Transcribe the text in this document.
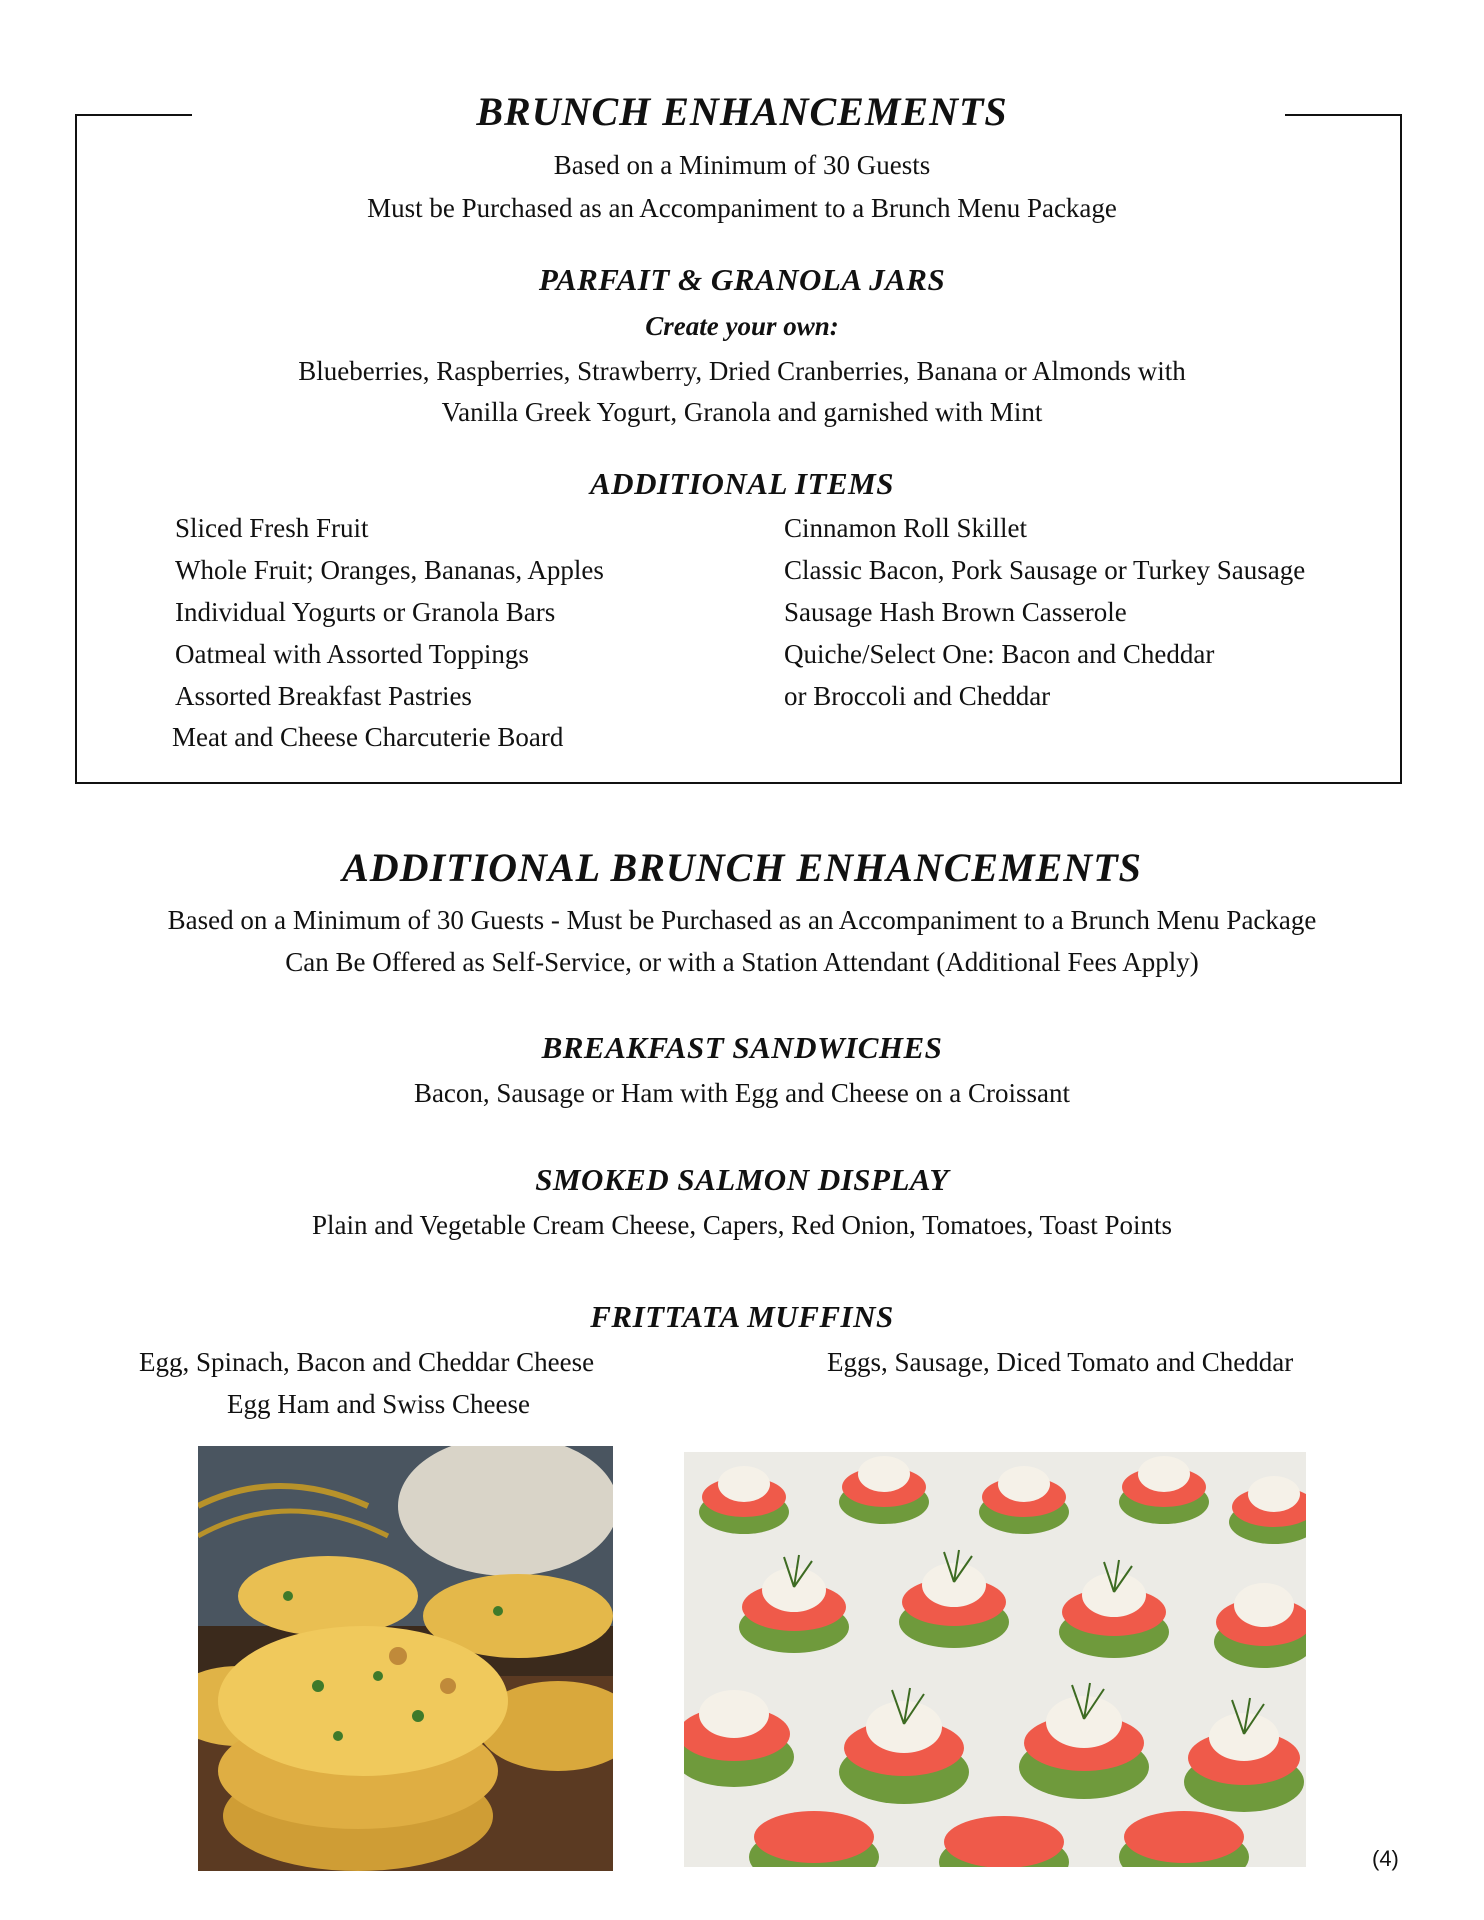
BRUNCH ENHANCEMENTS
Based on a Minimum of 30 Guests
Must be Purchased as an Accompaniment to a Brunch Menu Package
PARFAIT & GRANOLA JARS
Create your own:
Blueberries, Raspberries, Strawberry, Dried Cranberries, Banana or Almonds with
Vanilla Greek Yogurt, Granola and garnished with Mint
ADDITIONAL ITEMS
Sliced Fresh Fruit
Whole Fruit; Oranges, Bananas, Apples
Individual Yogurts or Granola Bars
Oatmeal with Assorted Toppings
Assorted Breakfast Pastries
Meat and Cheese Charcuterie Board
Cinnamon Roll Skillet
Classic Bacon, Pork Sausage or Turkey Sausage
Sausage Hash Brown Casserole
Quiche/Select One: Bacon and Cheddar
or Broccoli and Cheddar
ADDITIONAL BRUNCH ENHANCEMENTS
Based on a Minimum of 30 Guests - Must be Purchased as an Accompaniment to a Brunch Menu Package
Can Be Offered as Self-Service, or with a Station Attendant (Additional Fees Apply)
BREAKFAST SANDWICHES
Bacon, Sausage or Ham with Egg and Cheese on a Croissant
SMOKED SALMON DISPLAY
Plain and Vegetable Cream Cheese, Capers, Red Onion, Tomatoes, Toast Points
FRITTATA MUFFINS
Egg, Spinach, Bacon and Cheddar Cheese
Egg Ham and Swiss Cheese
Eggs, Sausage, Diced Tomato and Cheddar
(4)
